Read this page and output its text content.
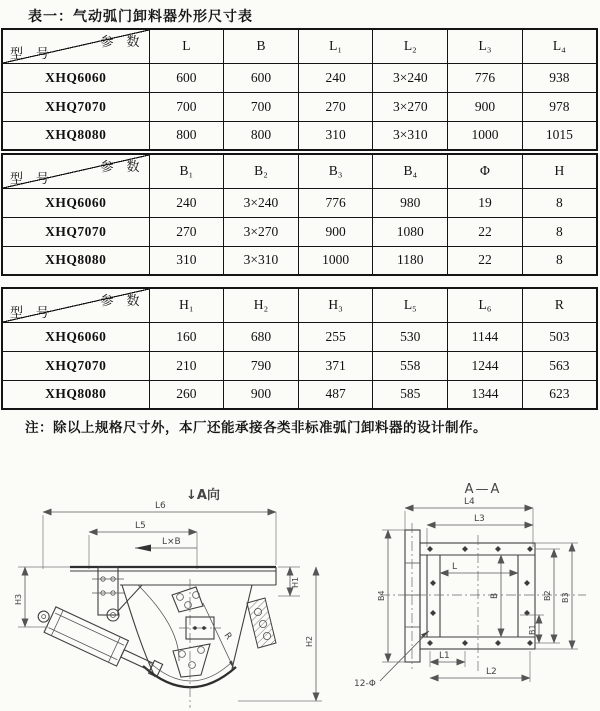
表一：气动弧门卸料器外形尺寸表
参　数
型　号	L	B	L₁	L₂	L₃	L₄
XHQ6060	600	600	240	3×240	776	938
XHQ7070	700	700	270	3×270	900	978
XHQ8080	800	800	310	3×310	1000	1015
参　数
型　号	B₁	B₂	B₃	B₄	Φ	H
XHQ6060	240	3×240	776	980	19	8
XHQ7070	270	3×270	900	1080	22	8
XHQ8080	310	3×310	1000	1180	22	8
参　数
型　号	H₁	H₂	H₃	L₅	L₆	R
XHQ6060	160	680	255	530	1144	503
XHQ7070	210	790	371	558	1244	563
XHQ8080	260	900	487	585	1344	623
注：除以上规格尺寸外，本厂还能承接各类非标准弧门卸料器的设计制作。
↓A向
L6
L5
L×B
R
H1
H2
H3
A—A
L4
L3
L
B
B4	B2 B3
B1
L1
L2
12-Φ
